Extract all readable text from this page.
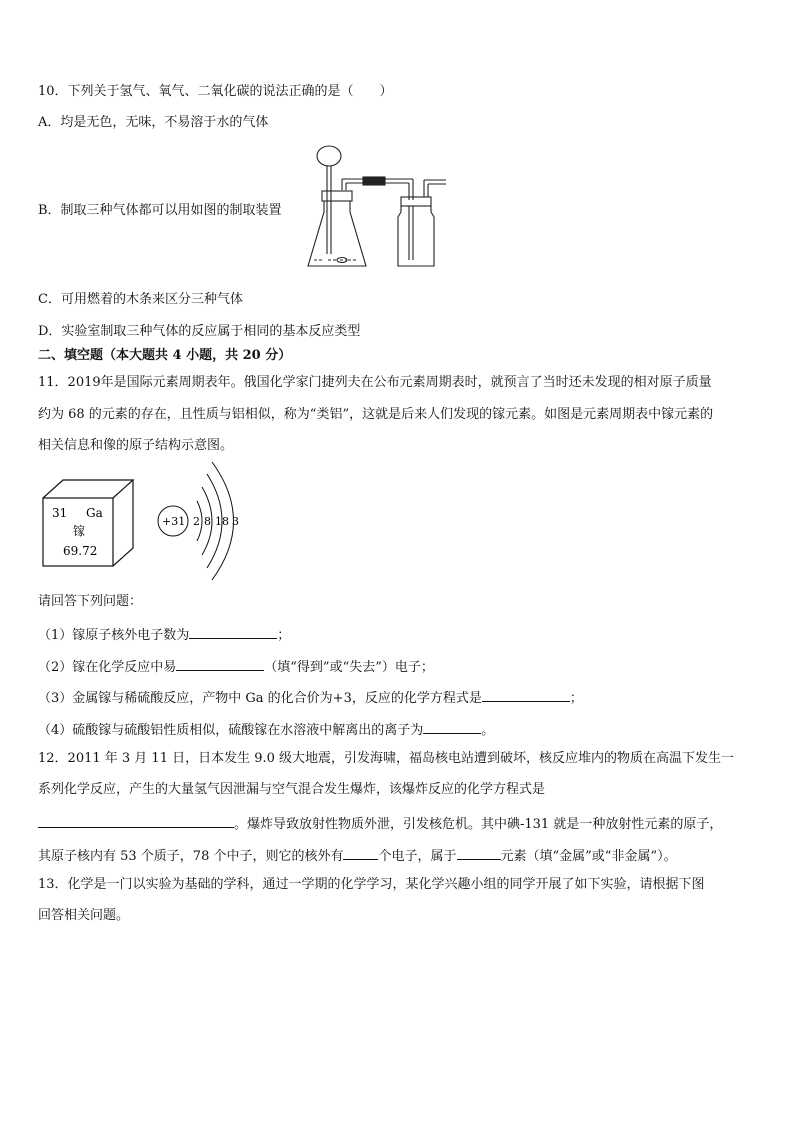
10．下列关于氢气、氧气、二氧化碳的说法正确的是（　　）
A．均是无色，无味，不易溶于水的气体
B．制取三种气体都可以用如图的制取装置
C．可用燃着的木条来区分三种气体
D．实验室制取三种气体的反应属于相同的基本反应类型
二、填空题（本大题共 4 小题，共 20 分）
11．2019年是国际元素周期表年。俄国化学家门捷列夫在公布元素周期表时，就预言了当时还未发现的相对原子质量
约为 68 的元素的存在，且性质与铝相似，称为“类铝”，这就是后来人们发现的镓元素。如图是元素周期表中镓元素的
相关信息和像的原子结构示意图。
31 Ga
镓
69.72
+31 2 8 18 3
请回答下列问题：
（1）镓原子核外电子数为	；
（2）镓在化学反应中易	（填“得到”或“失去”）电子；
（3）金属镓与稀硫酸反应，产物中 Ga 的化合价为+3，反应的化学方程式是	；
（4）硫酸镓与硫酸铝性质相似，硫酸镓在水溶液中解离出的离子为	。
12．2011 年 3 月 11 日，日本发生 9.0 级大地震，引发海啸，福岛核电站遭到破坏，核反应堆内的物质在高温下发生一
系列化学反应，产生的大量氢气因泄漏与空气混合发生爆炸，该爆炸反应的化学方程式是
。爆炸导致放射性物质外泄，引发核危机。其中碘-131 就是一种放射性元素的原子，
其原子核内有 53 个质子，78 个中子，则它的核外有	个电子，属于	元素（填“金属”或“非金属”）。
13．化学是一门以实验为基础的学科，通过一学期的化学学习，某化学兴趣小组的同学开展了如下实验，请根据下图
回答相关问题。
